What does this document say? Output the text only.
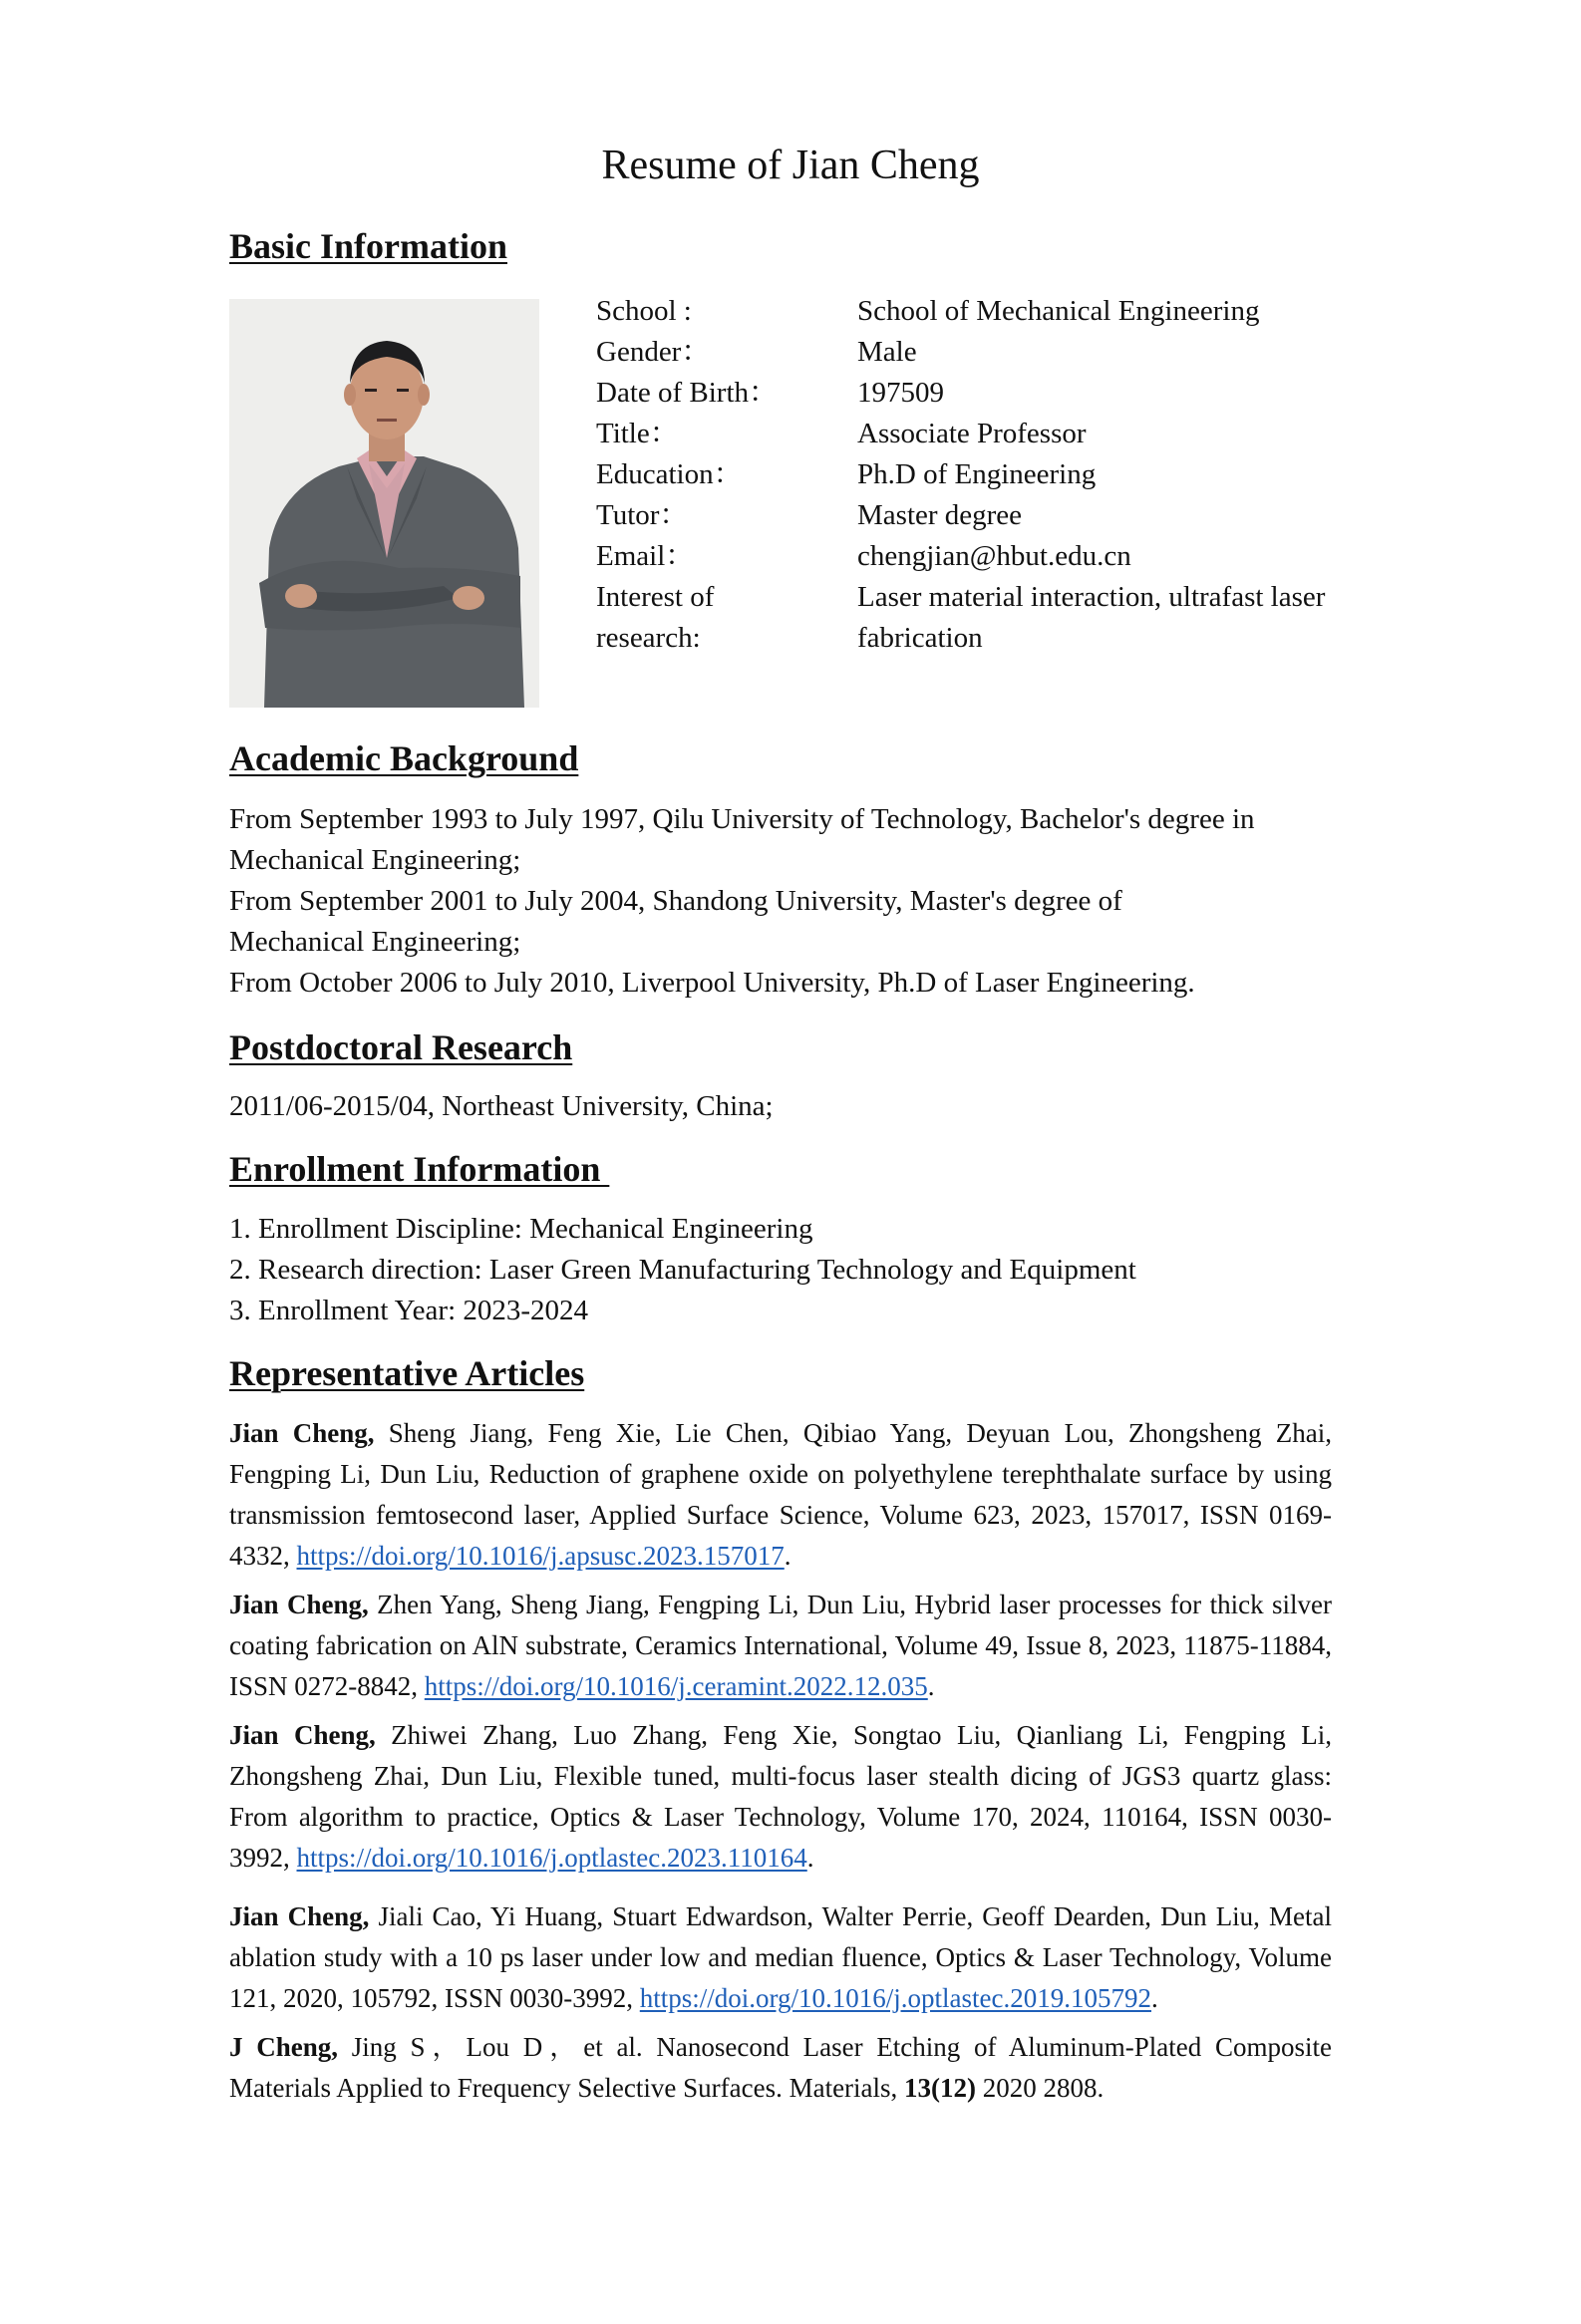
Resume of Jian Cheng
Basic Information
School :	School of Mechanical Engineering
Gender：	Male
Date of Birth：	197509
Title：	Associate Professor
Education：	Ph.D of Engineering
Tutor：	Master degree
Email：	chengjian@hbut.edu.cn
Interest of research:
Laser material interaction, ultrafast laser fabrication
Academic Background

From September 1993 to July 1997, Qilu University of Technology, Bachelor's degree in Mechanical Engineering;

From September 2001 to July 2004, Shandong University, Master's degree of Mechanical Engineering;

From October 2006 to July 2010, Liverpool University, Ph.D of Laser Engineering.

Postdoctoral Research

2011/06-2015/04, Northeast University, China;

Enrollment Information

1. Enrollment Discipline: Mechanical Engineering

2. Research direction: Laser Green Manufacturing Technology and Equipment

3. Enrollment Year: 2023-2024

Representative Articles

Jian Cheng, Sheng Jiang, Feng Xie, Lie Chen, Qibiao Yang, Deyuan Lou, Zhongsheng Zhai, Fengping Li, Dun Liu, Reduction of graphene oxide on polyethylene terephthalate surface by using transmission femtosecond laser, Applied Surface Science, Volume 623, 2023, 157017, ISSN 0169-4332, https://doi.org/10.1016/j.apsusc.2023.157017.

Jian Cheng, Zhen Yang, Sheng Jiang, Fengping Li, Dun Liu, Hybrid laser processes for thick silver coating fabrication on AlN substrate, Ceramics International, Volume 49, Issue 8, 2023, 11875-11884, ISSN 0272-8842, https://doi.org/10.1016/j.ceramint.2022.12.035.

Jian Cheng, Zhiwei Zhang, Luo Zhang, Feng Xie, Songtao Liu, Qianliang Li, Fengping Li, Zhongsheng Zhai, Dun Liu, Flexible tuned, multi-focus laser stealth dicing of JGS3 quartz glass: From algorithm to practice, Optics & Laser Technology, Volume 170, 2024, 110164, ISSN 0030-3992, https://doi.org/10.1016/j.optlastec.2023.110164.

Jian Cheng, Jiali Cao, Yi Huang, Stuart Edwardson, Walter Perrie, Geoff Dearden, Dun Liu, Metal ablation study with a 10 ps laser under low and median fluence, Optics & Laser Technology, Volume 121, 2020, 105792, ISSN 0030-3992, https://doi.org/10.1016/j.optlastec.2019.105792.

J Cheng, Jing S，Lou D，et al. Nanosecond Laser Etching of Aluminum-Plated Composite Materials Applied to Frequency Selective Surfaces. Materials, 13(12) 2020 2808.
